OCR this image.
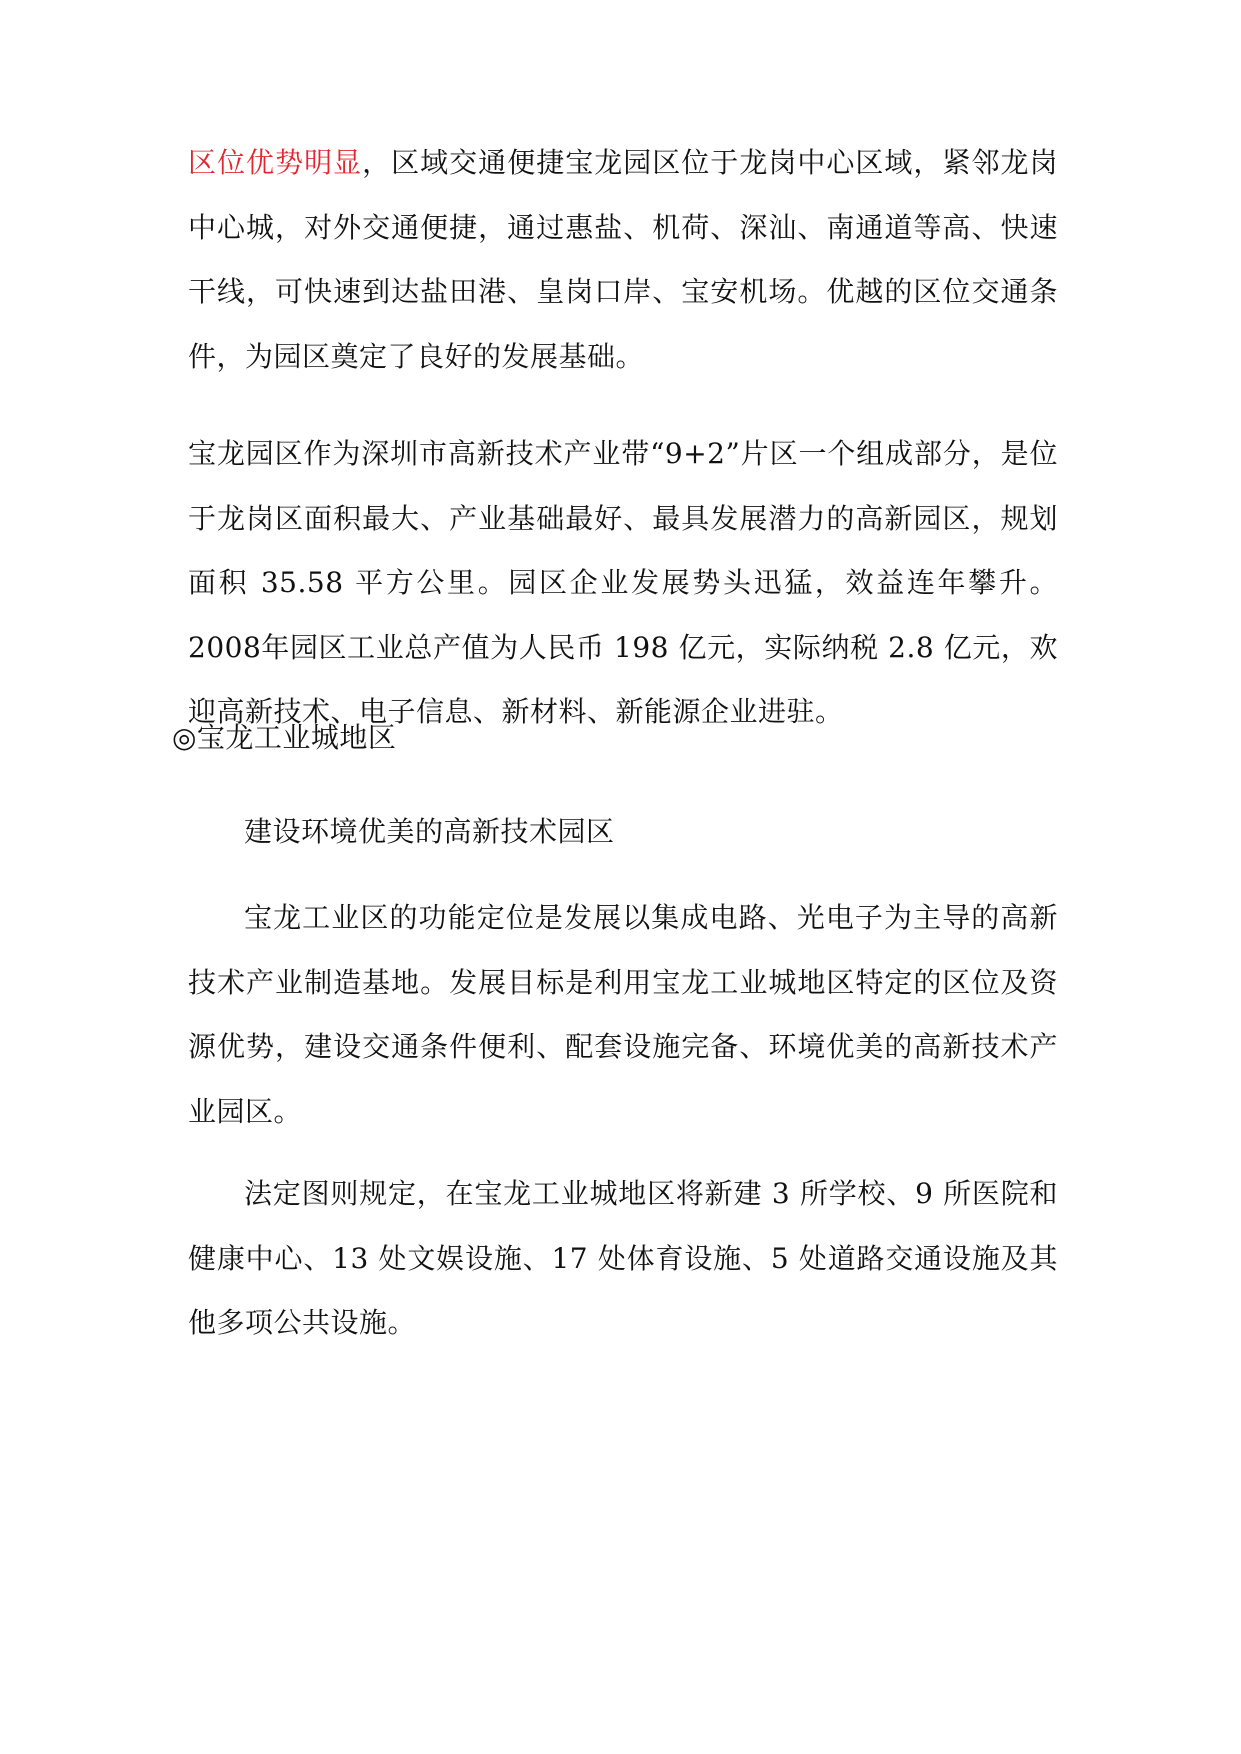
区位优势明显，区域交通便捷宝龙园区位于龙岗中心区域，紧邻龙岗中心城，对外交通便捷，通过惠盐、机荷、深汕、南通道等高、快速干线，可快速到达盐田港、皇岗口岸、宝安机场。优越的区位交通条件，为园区奠定了良好的发展基础。

宝龙园区作为深圳市高新技术产业带“9+2”片区一个组成部分，是位于龙岗区面积最大、产业基础最好、最具发展潜力的高新园区，规划面积 35.58 平方公里。园区企业发展势头迅猛，效益连年攀升。2008年园区工业总产值为人民币 198 亿元，实际纳税 2.8 亿元，欢迎高新技术、电子信息、新材料、新能源企业进驻。

◎宝龙工业城地区

建设环境优美的高新技术园区

宝龙工业区的功能定位是发展以集成电路、光电子为主导的高新技术产业制造基地。发展目标是利用宝龙工业城地区特定的区位及资源优势，建设交通条件便利、配套设施完备、环境优美的高新技术产业园区。

法定图则规定，在宝龙工业城地区将新建 3 所学校、9 所医院和健康中心、13 处文娱设施、17 处体育设施、5 处道路交通设施及其他多项公共设施。
